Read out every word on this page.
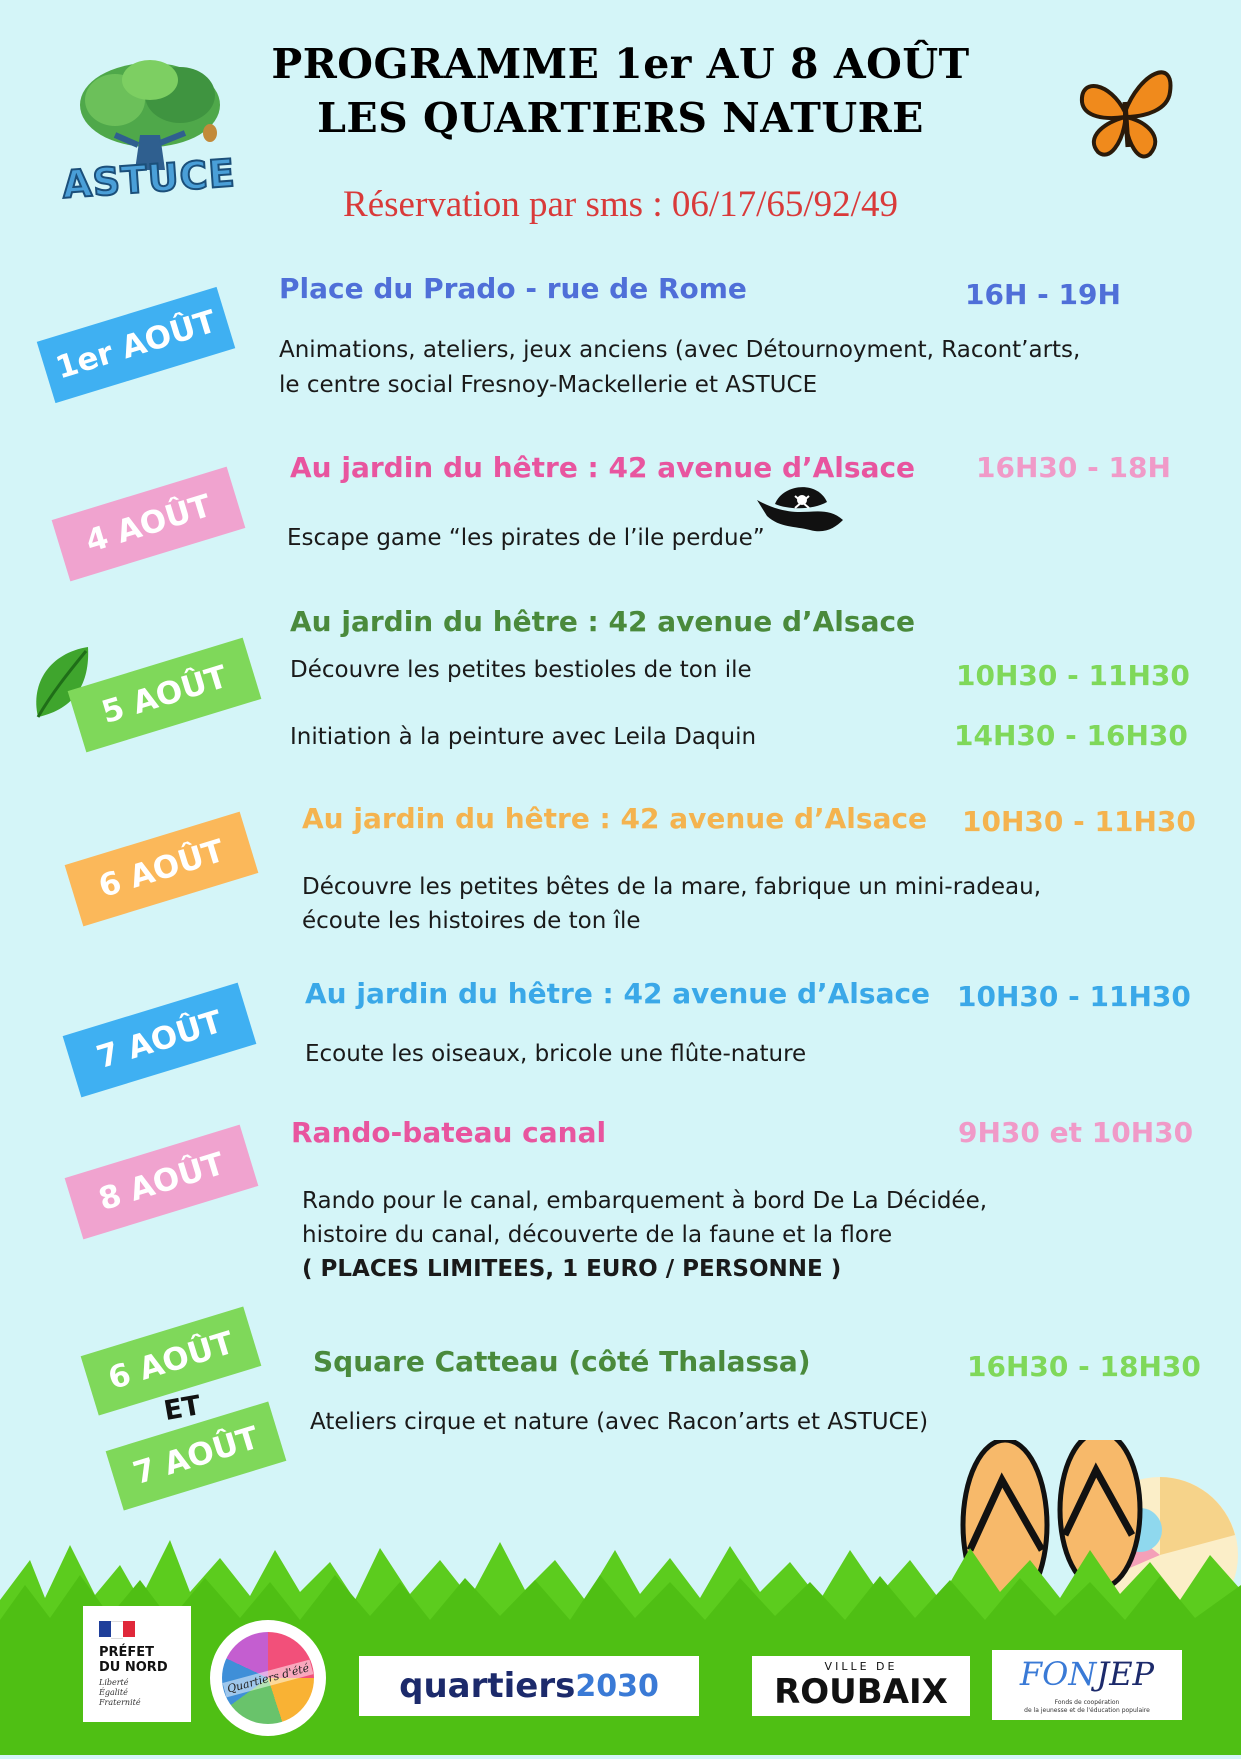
PROGRAMME 1er AU 8 AOÛT
LES QUARTIERS NATURE
Réservation par sms : 06/17/65/92/49
ASTUCE
1er AOÛT
Place du Prado - rue de Rome	16H - 19H
Animations, ateliers, jeux anciens (avec Détournoyment, Racont’arts,
le centre social Fresnoy-Mackellerie et ASTUCE
4 AOÛT
Au jardin du hêtre : 42 avenue d’Alsace 16H30 - 18H
Escape game “les pirates de l’ile perdue”
5 AOÛT
Au jardin du hêtre : 42 avenue d’Alsace
Découvre les petites bestioles de ton ile	10H30 - 11H30
Initiation à la peinture avec Leila Daquin	14H30 - 16H30
6 AOÛT
Au jardin du hêtre : 42 avenue d’Alsace 10H30 - 11H30
Découvre les petites bêtes de la mare, fabrique un mini-radeau,
écoute les histoires de ton île
7 AOÛT
Au jardin du hêtre : 42 avenue d’Alsace 10H30 - 11H30
Ecoute les oiseaux, bricole une flûte-nature
8 AOÛT
Rando-bateau canal	9H30 et 10H30
Rando pour le canal, embarquement à bord De La Décidée,
histoire du canal, découverte de la faune et la flore
( PLACES LIMITEES, 1 EURO / PERSONNE )
6 AOÛT
ET
7 AOÛT
Square Catteau (côté Thalassa)	16H30 - 18H30
Ateliers cirque et nature (avec Racon’arts et ASTUCE)
PRÉFET
DU NORD
Liberté
Égalité
Fraternité
Quartiers d'été	quartiers 2030
VILLE DE
ROUBAIX FONJEP
Fonds de coopération
de la jeunesse et de l'éducation populaire
